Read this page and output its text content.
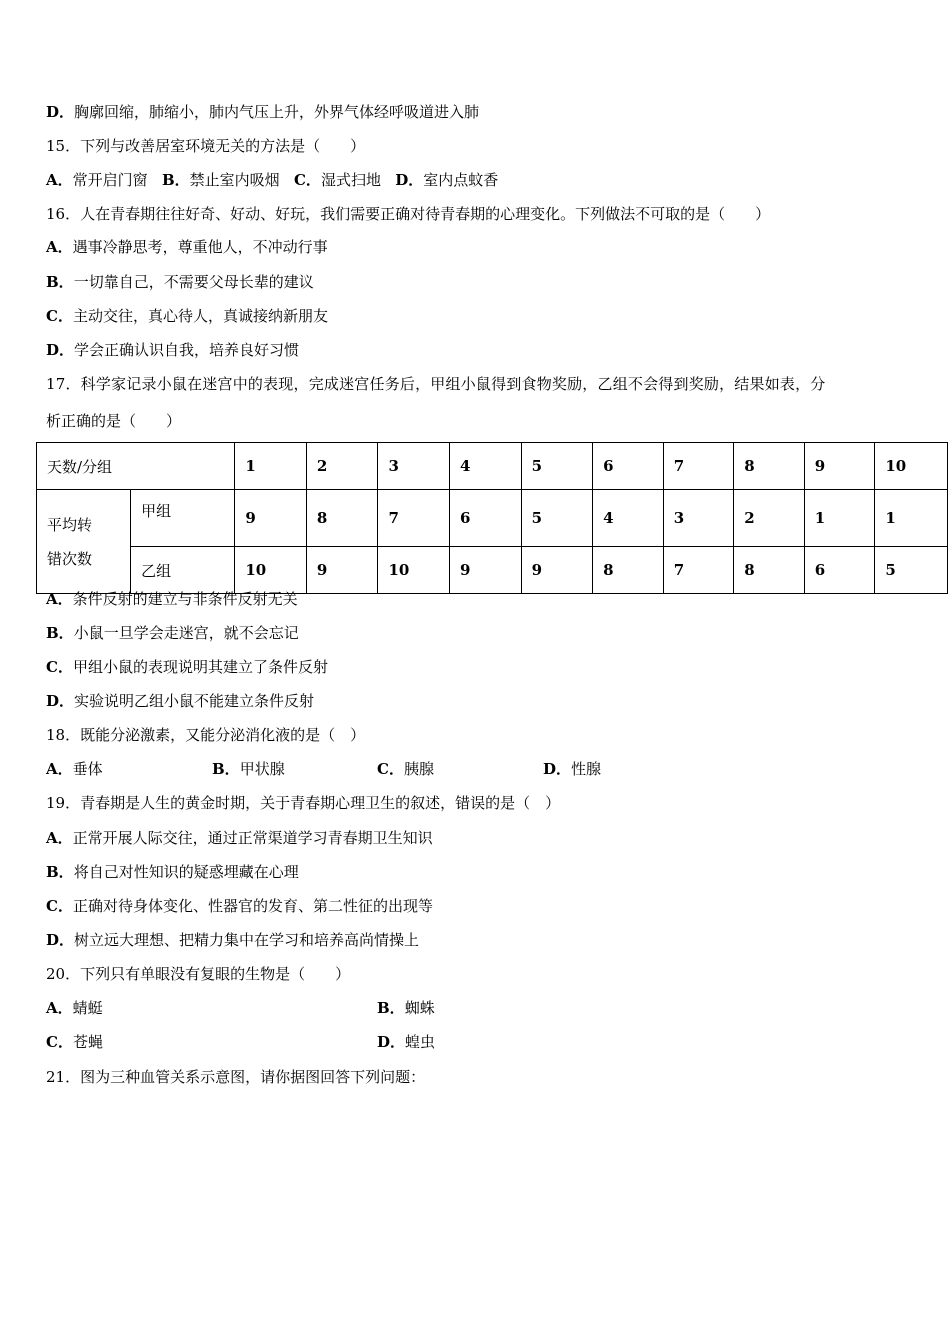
D．胸廓回缩，肺缩小，肺内气压上升，外界气体经呼吸道进入肺
15．下列与改善居室环境无关的方法是（　　）
A．常开启门窗 B．禁止室内吸烟 C．湿式扫地 D．室内点蚊香
16．人在青春期往往好奇、好动、好玩，我们需要正确对待青春期的心理变化。下列做法不可取的是（　　）
A．遇事冷静思考，尊重他人，不冲动行事
B．一切靠自己，不需要父母长辈的建议
C．主动交往，真心待人，真诚接纳新朋友
D．学会正确认识自我，培养良好习惯
17．科学家记录小鼠在迷宫中的表现，完成迷宫任务后，甲组小鼠得到食物奖励，乙组不会得到奖励，结果如表，分
析正确的是（　　）
天数/分组		1	2	3	4	5	6	7	8	9	10

平均转
错次数	甲组	9	8	7	6	5	4	3	2	1	1
	乙组	10	9	10	9	9	8	7	8	6	5
A．条件反射的建立与非条件反射无关
B．小鼠一旦学会走迷宫，就不会忘记
C．甲组小鼠的表现说明其建立了条件反射
D．实验说明乙组小鼠不能建立条件反射
18．既能分泌激素，又能分泌消化液的是（　）
A．垂体	B．甲状腺	C．胰腺	D．性腺
19．青春期是人生的黄金时期，关于青春期心理卫生的叙述，错误的是（　）
A．正常开展人际交往，通过正常渠道学习青春期卫生知识
B．将自己对性知识的疑惑埋藏在心理
C．正确对待身体变化、性器官的发育、第二性征的出现等
D．树立远大理想、把精力集中在学习和培养高尚情操上
20．下列只有单眼没有复眼的生物是（　　）
A．蜻蜓	B．蜘蛛
C．苍蝇	D．蝗虫
21．图为三种血管关系示意图，请你据图回答下列问题：
